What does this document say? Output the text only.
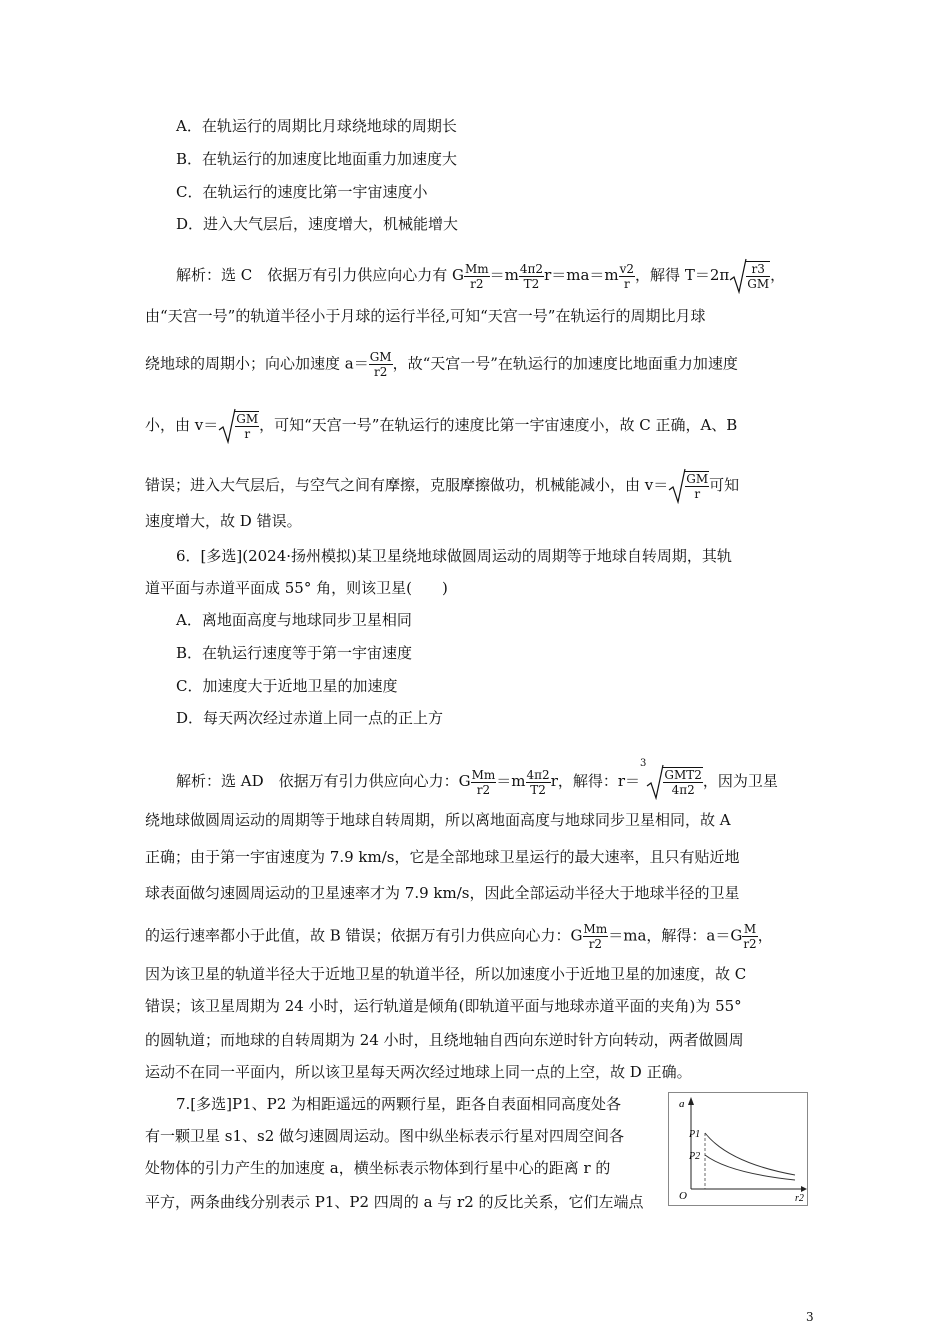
A．在轨运行的周期比月球绕地球的周期长
B．在轨运行的加速度比地面重力加速度大
C．在轨运行的速度比第一宇宙速度小
D．进入大气层后，速度增大，机械能增大
解析：选 C　依据万有引力供应向心力有 G $\frac{Mm}{r2} =m \frac{4\pi 2}{T2} r=ma=m \frac{v2}{r}$ ，解得 $T=2\pi \frac{r3}{GM}$ ，
由“天宫一号”的轨道半径小于月球的运行半径,可知“天宫一号”在轨运行的周期比月球
绕地球的周期小；向心加速度 $a= \frac{GM}{r2}$ ，故“天宫一号”在轨运行的加速度比地面重力加速度
小，由 $v= \frac{GM}{r}$ ，可知“天宫一号”在轨运行的速度比第一宇宙速度小，故 C 正确，A、B
错误；进入大气层后，与空气之间有摩擦，克服摩擦做功，机械能减小，由 $v= \frac{GM}{r}$ 可知
速度增大，故 D 错误。
6．[多选](2024·扬州模拟)某卫星绕地球做圆周运动的周期等于地球自转周期，其轨
道平面与赤道平面成 55° 角，则该卫星(　　)
A．离地面高度与地球同步卫星相同
B．在轨运行速度等于第一宇宙速度
C．加速度大于近地卫星的加速度
D．每天两次经过赤道上同一点的正上方
解析：选 AD　依据万有引力供应向心力：G $\frac{Mm}{r2} =m \frac{4\pi 2}{T2}$ r，解得：r＝$^3$
$\frac{\text{GMT2}}{4\pi 2}$ ，因为卫星
绕地球做圆周运动的周期等于地球自转周期，所以离地面高度与地球同步卫星相同，故 A
正确；由于第一宇宙速度为 7.9 km/s，它是全部地球卫星运行的最大速率，且只有贴近地
球表面做匀速圆周运动的卫星速率才为 7.9 km/s，因此全部运动半径大于地球半径的卫星
的运行速率都小于此值，故 B 错误；依据万有引力供应向心力：G $\frac{Mm}{r2} =ma$，解得：$a=G \frac{M}{r2}$ ，
因为该卫星的轨道半径大于近地卫星的轨道半径，所以加速度小于近地卫星的加速度，故 C
错误；该卫星周期为 24 小时，运行轨道是倾角(即轨道平面与地球赤道平面的夹角)为 55°
的圆轨道；而地球的自转周期为 24 小时，且绕地轴自西向东逆时针方向转动，两者做圆周
运动不在同一平面内，所以该卫星每天两次经过地球上同一点的上空，故 D 正确。
7.[多选]P1、P2 为相距遥远的两颗行星，距各自表面相同高度处各
有一颗卫星 s1、s2 做匀速圆周运动。图中纵坐标表示行星对四周空间各
处物体的引力产生的加速度 a，横坐标表示物体到行星中心的距离 r 的
平方，两条曲线分别表示 P1、P2 四周的 a 与 r2 的反比关系，它们左端点
a
r2
O
P1
P2
3
